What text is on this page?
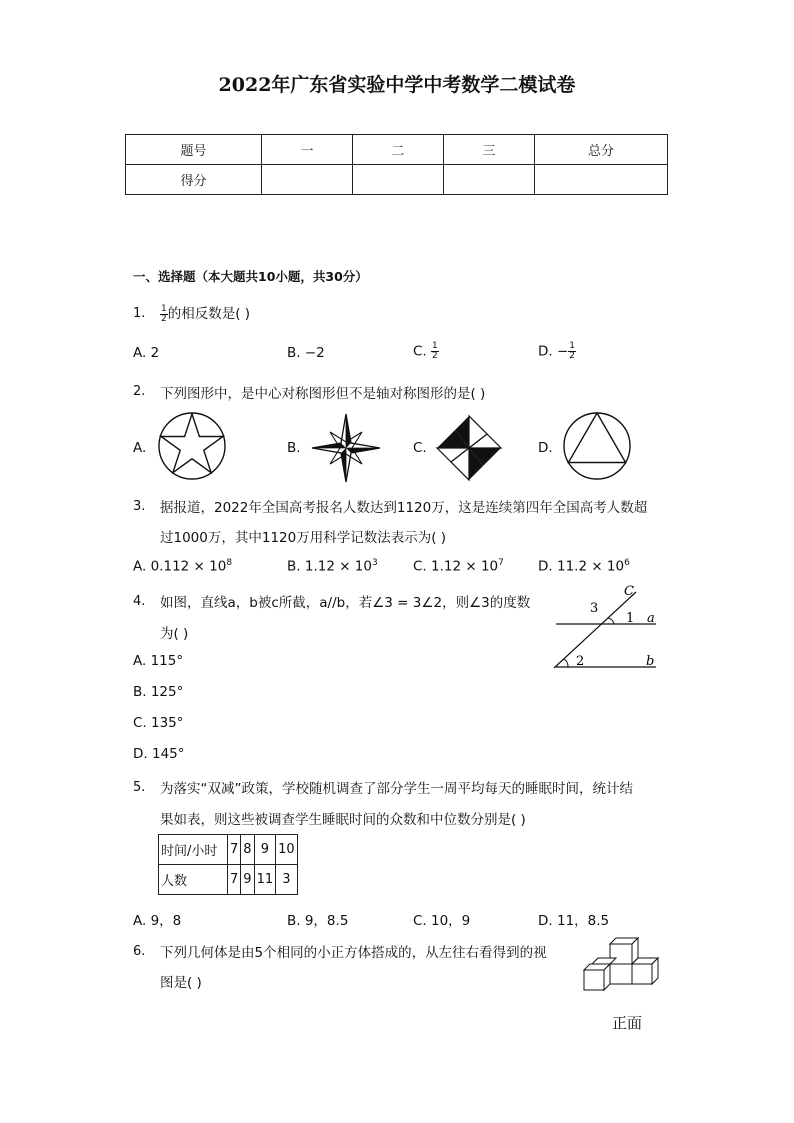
2022年广东省实验中学中考数学二模试卷
题号	一	二	三	总分
得分				
一、选择题（本大题共10小题，共30分）
1. $\frac{1}{2}$ 的相反数是( )
A. 2	B. −2	C. $\frac{1}{2}$	D. − $\frac{1}{2}$
2. 下列图形中，是中心对称图形但不是轴对称图形的是( )
A.	B.	C.	D.
3. 据报道，2022年全国高考报名人数达到1120万，这是连续第四年全国高考人数超
过1000万，其中1120万用科学记数法表示为( )
A. $0.112 \times 10^8$	B. $1.12 \times 10^3$	C. $1.12 \times 10^7$	D. $11.2 \times 10^6$
4. 如图，直线a，b被c所截，a//b，若∠3 = 3∠2，则∠3的度数
为( )
A. 115°
B. 125°
C. 135°
D. 145°
C
3
1 a
2	b
5. 为落实“双减”政策，学校随机调查了部分学生一周平均每天的睡眠时间，统计结
果如表，则这些被调查学生睡眠时间的众数和中位数分别是( )
时间/小时	7	8	9	10
人数	7	9	11	3
A. 9，8	B. 9，8.5	C. 10，9	D. 11，8.5
6. 下列几何体是由5个相同的小正方体搭成的，从左往右看得到的视
图是( )
正面
